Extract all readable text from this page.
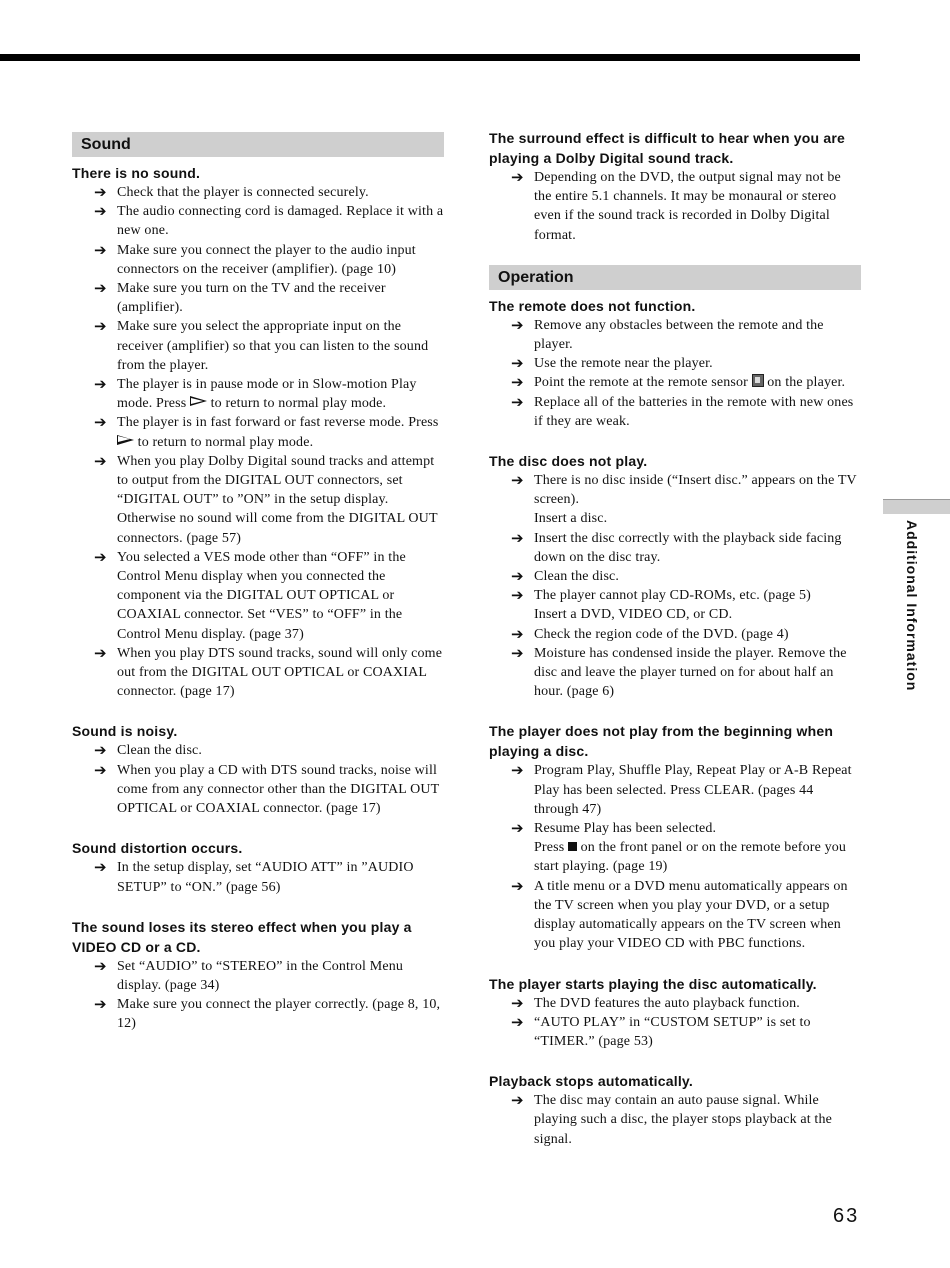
Sound

There is no sound.

➔ Check that the player is connected securely.
➔ The audio connecting cord is damaged. Replace it with a new one.
➔ Make sure you connect the player to the audio input connectors on the receiver (amplifier). (page 10)
➔ Make sure you turn on the TV and the receiver (amplifier).
➔ Make sure you select the appropriate input on the receiver (amplifier) so that you can listen to the sound from the player.
➔ The player is in pause mode or in Slow-motion Play mode. Press  to return to normal play mode.
➔ The player is in fast forward or fast reverse mode. Press  to return to normal play mode.
➔ When you play Dolby Digital sound tracks and attempt to output from the DIGITAL OUT connectors, set “DIGITAL OUT” to ”ON” in the setup display. Otherwise no sound will come from the DIGITAL OUT connectors. (page 57)
➔ You selected a VES mode other than “OFF” in the Control Menu display when you connected the component via the DIGITAL OUT OPTICAL or COAXIAL connector. Set “VES” to “OFF” in the Control Menu display. (page 37)
➔ When you play DTS sound tracks, sound will only come out from the DIGITAL OUT OPTICAL or COAXIAL connector. (page 17)

Sound is noisy.

➔ Clean the disc.
➔ When you play a CD with DTS sound tracks, noise will come from any connector other than the DIGITAL OUT OPTICAL or COAXIAL connector. (page 17)

Sound distortion occurs.

➔ In the setup display, set “AUDIO ATT” in ”AUDIO SETUP” to “ON.” (page 56)

The sound loses its stereo effect when you play a VIDEO CD or a CD.

➔ Set “AUDIO” to “STEREO” in the Control Menu display. (page 34)
➔ Make sure you connect the player correctly. (page 8, 10, 12)

The surround effect is difficult to hear when you are playing a Dolby Digital sound track.

➔ Depending on the DVD, the output signal may not be the entire 5.1 channels. It may be monaural or stereo even if the sound track is recorded in Dolby Digital format.
Operation

The remote does not function.

➔ Remove any obstacles between the remote and the player.
➔ Use the remote near the player.
➔ Point the remote at the remote sensor  on the player.
➔ Replace all of the batteries in the remote with new ones if they are weak.

The disc does not play.

➔ There is no disc inside (“Insert disc.” appears on the TV screen).
Insert a disc.
➔ Insert the disc correctly with the playback side facing down on the disc tray.
➔ Clean the disc.
➔ The player cannot play CD-ROMs, etc. (page 5)
Insert a DVD, VIDEO CD, or CD.
➔ Check the region code of the DVD. (page 4)
➔ Moisture has condensed inside the player. Remove the disc and leave the player turned on for about half an hour. (page 6)

The player does not play from the beginning when playing a disc.

➔ Program Play, Shuffle Play, Repeat Play or A-B Repeat Play has been selected. Press CLEAR. (pages 44 through 47)
➔ Resume Play has been selected.
Press  on the front panel or on the remote before you start playing. (page 19)
➔ A title menu or a DVD menu automatically appears on the TV screen when you play your DVD, or a setup display automatically appears on the TV screen when you play your VIDEO CD with PBC functions.

The player starts playing the disc automatically.

➔ The DVD features the auto playback function.
➔ “AUTO PLAY” in “CUSTOM SETUP” is set to “TIMER.” (page 53)

Playback stops automatically.

➔ The disc may contain an auto pause signal. While playing such a disc, the player stops playback at the signal.
Additional Information
63
